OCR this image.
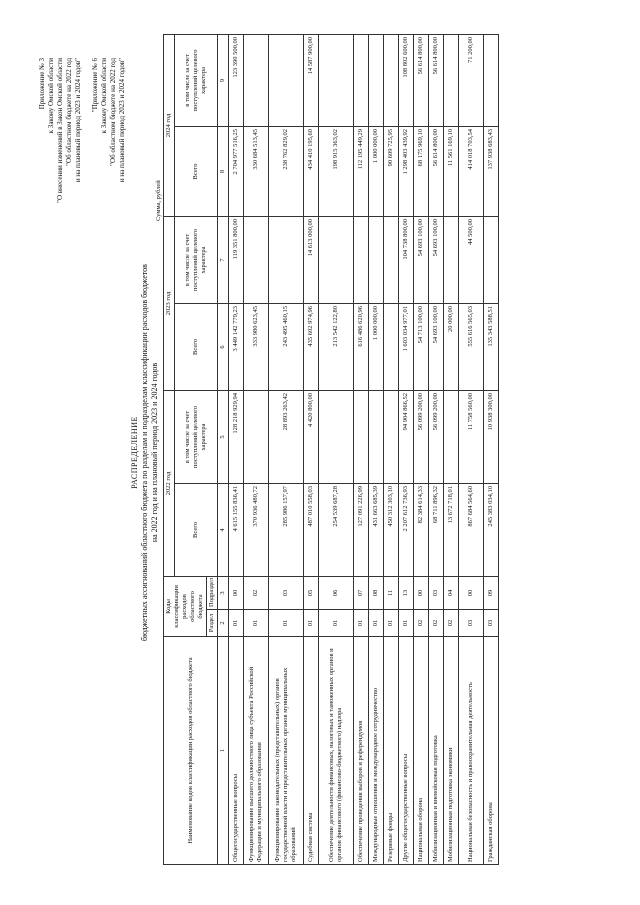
Приложение № 3 к Закону Омской области "О внесении изменений в Закон Омской области "Об областном бюджете на 2022 год и на плановый период 2023 и 2024 годов" "Приложение № 6 к Закону Омской области "Об областном бюджете на 2022 год и на плановый период 2023 и 2024 годов"
РАСПРЕДЕЛЕНИЕ бюджетных ассигнований областного бюджета по разделам и подразделам классификации расходов бюджетов на 2022 год и на плановый период 2023 и 2024 годов
Сумма, рублей
Наименование кодов классификации расходов областного бюджета	Коды классификации расходов областного бюджета		2022 год		2023 год		2024 год	
			Всего	в том числе за счет поступлений целевого характера	Всего	в том числе за счет поступлений целевого характера	Всего	в том числе за счет поступлений целевого характера
	Раздел	Подраздел						
1	2	3	4	5	6	7	8	9
Общегосударственные вопросы	01	00	4 615 155 836,41	128 218 929,94	3 449 142 779,23	119 351 800,00	2 704 977 516,25	123 390 500,00
Функционирование высшего должностного лица субъекта Российской Федерации и муниципального образования	01	02	370 936 480,72		333 980 623,45		330 684 513,45	
Функционирование законодательных (представительных) органов государственной власти и представительных органов муниципальных образований	01	03	285 986 157,97	28 893 263,42	243 495 460,15		238 762 829,02	
Судебная система	01	05	487 010 558,03	4 420 800,00	435 602 974,96	14 613 000,00	434 410 195,60	14 587 900,00
Обеспечение деятельности финансовых, налоговых и таможенных органов и органов финансового (финансово-бюджетного) надзора	01	06	254 539 687,28		213 542 122,80		198 915 363,02	
Обеспечение проведения выборов и референдумов	01	07	127 091 226,99		616 486 620,96		112 195 449,29	
Международные отношения и международное сотрудничество	01	08	431 663 685,39		1 000 000,00		1 000 000,00	
Резервные фонды	01	11	450 312 303,10				90 609 725,95	
Другие общегосударственные вопросы	01	13	2 207 612 736,93	94 904 866,52	1 603 034 977,01	104 738 800,00	1 298 403 439,92	108 802 600,00
Национальная оборона	02	00	82 384 614,33	56 099 200,00	54 713 100,00	54 693 100,00	68 175 969,10	56 614 800,00
Мобилизационная и вневойсковая подготовка	02	03	68 711 896,32	56 099 200,00	54 693 100,00	54 693 100,00	56 614 800,00	56 614 800,00
Мобилизационная подготовка экономики	02	04	13 672 718,01		20 000,00		11 561 169,10	
Национальная безопасность и правоохранительная деятельность	03	00	867 684 564,60	11 758 560,00	555 616 565,03	44 500,00	414 018 703,54	71 200,00
Гражданская оборона	03	09	245 383 034,10	10 938 300,00	135 343 588,51		137 938 683,43	
